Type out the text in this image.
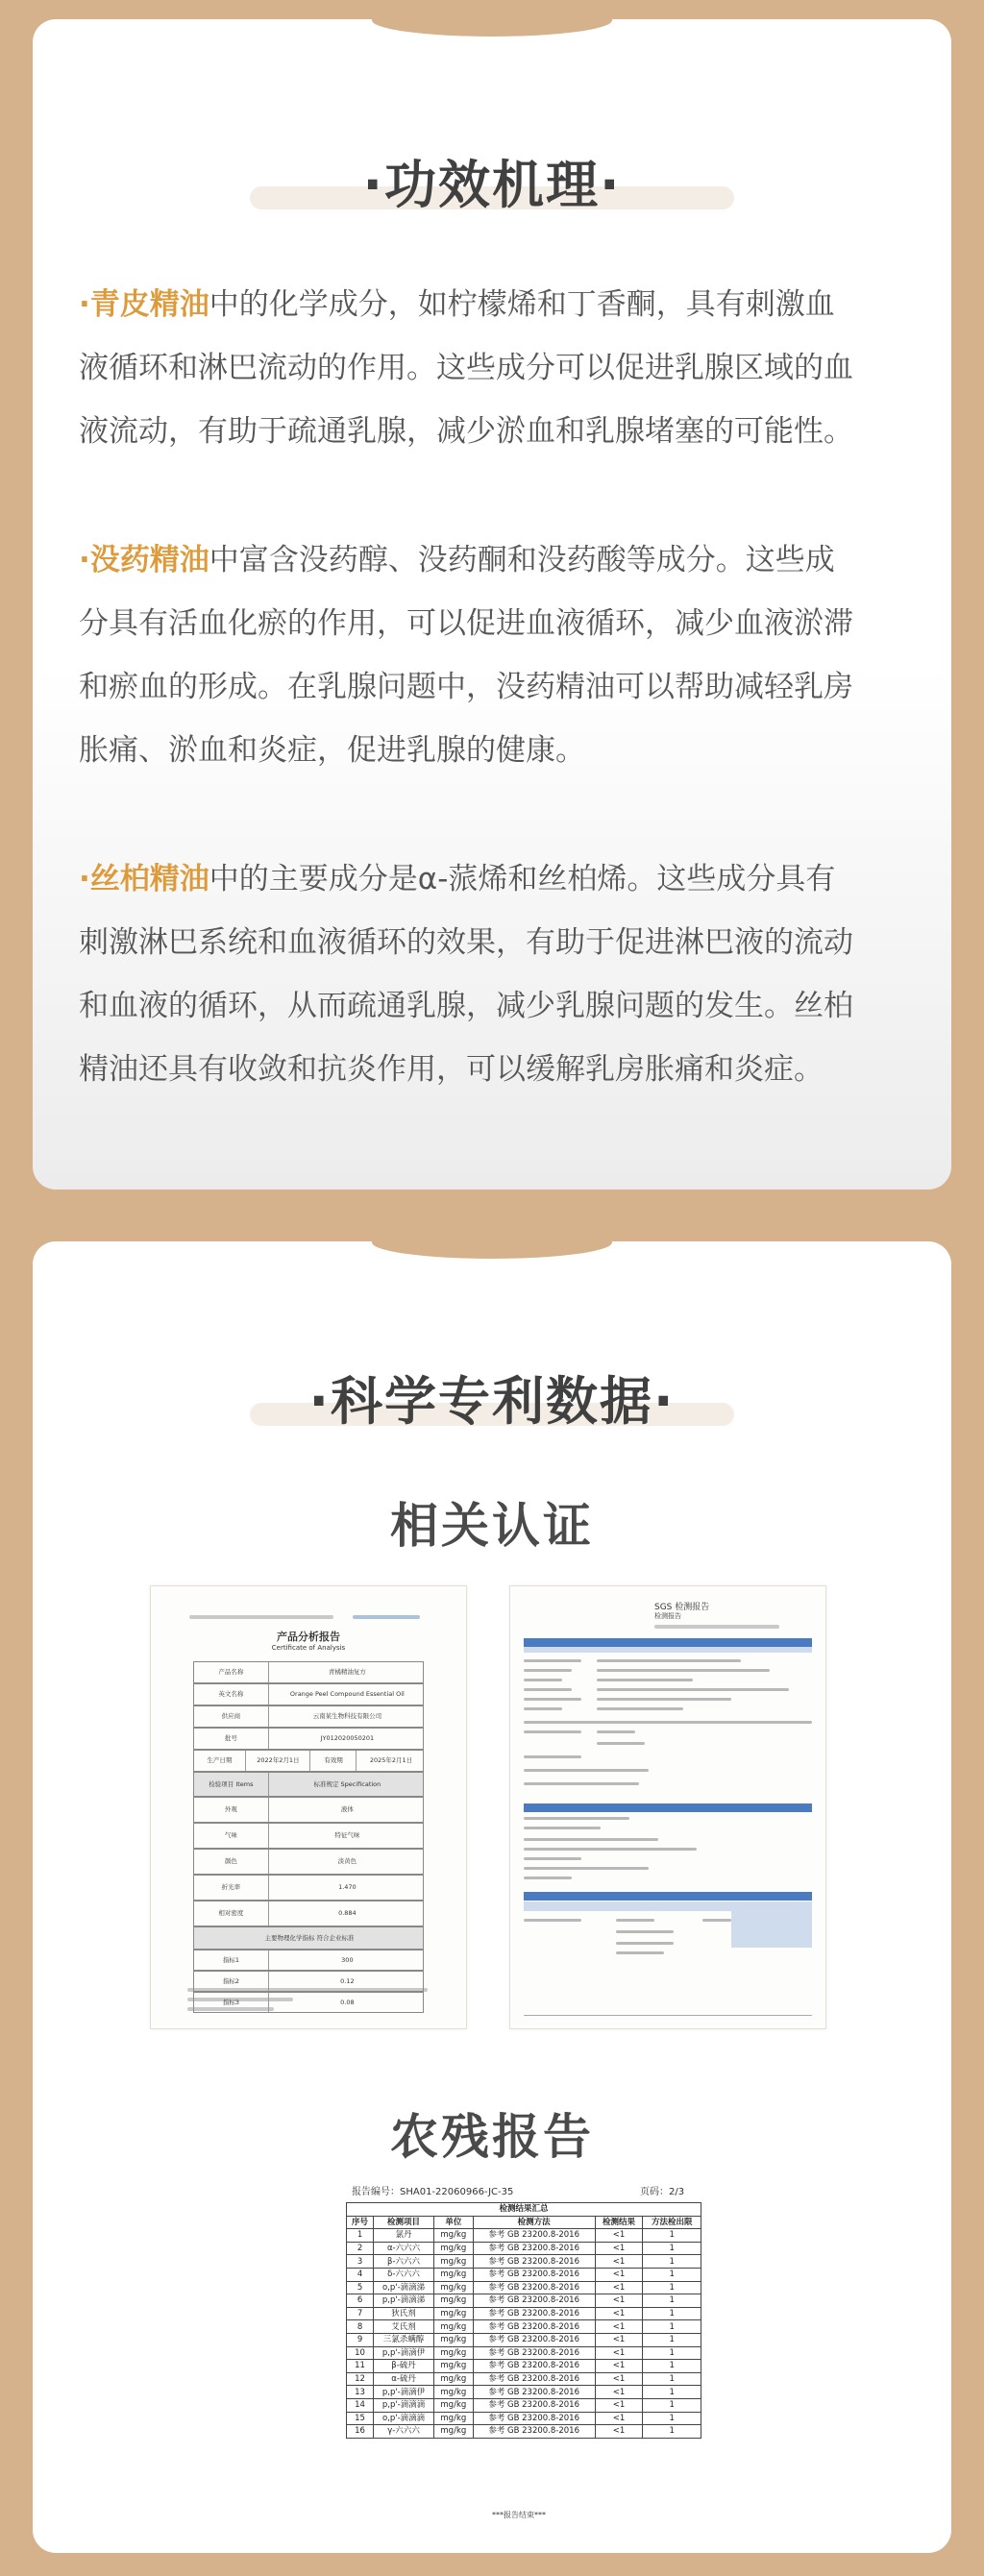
·功效机理·
·青皮精油中的化学成分，如柠檬烯和丁香酮，具有刺激血
液循环和淋巴流动的作用。这些成分可以促进乳腺区域的血
液流动，有助于疏通乳腺，减少淤血和乳腺堵塞的可能性。
·没药精油中富含没药醇、没药酮和没药酸等成分。这些成
分具有活血化瘀的作用，可以促进血液循环，减少血液淤滞
和瘀血的形成。在乳腺问题中，没药精油可以帮助减轻乳房
胀痛、淤血和炎症，促进乳腺的健康。
·丝柏精油中的主要成分是α-蒎烯和丝柏烯。这些成分具有
刺激淋巴系统和血液循环的效果，有助于促进淋巴液的流动
和血液的循环，从而疏通乳腺，减少乳腺问题的发生。丝柏
精油还具有收敛和抗炎作用，可以缓解乳房胀痛和炎症。
·科学专利数据·
相关认证
产品分析报告
Certificate of Analysis
产品名称	青橘精油复方
英文名称	Orange Peel Compound Essential Oil
供应商	云南某生物科技有限公司
批号	JY012020050201
生产日期	2022年2月1日	有效期	2025年2月1日
检验项目 Items	标准规定 Specification
外观	液体
气味	特征气味
颜色	淡黄色
折光率	1.470
相对密度	0.884
主要物理化学指标 符合企业标准
指标1	300
指标2	0.12
指标3	0.08
SGS 检测报告
检测报告
农残报告
报告编号：SHA01-22060966-JC-35	页码：2/3
检测结果汇总					
序号	检测项目	单位	检测方法	检测结果	方法检出限
1	氯丹	mg/kg	参考 GB 23200.8-2016	<1	1
2	α-六六六	mg/kg	参考 GB 23200.8-2016	<1	1
3	β-六六六	mg/kg	参考 GB 23200.8-2016	<1	1
4	δ-六六六	mg/kg	参考 GB 23200.8-2016	<1	1
5	o,p'-滴滴涕	mg/kg	参考 GB 23200.8-2016	<1	1
6	p,p'-滴滴涕	mg/kg	参考 GB 23200.8-2016	<1	1
7	狄氏剂	mg/kg	参考 GB 23200.8-2016	<1	1
8	艾氏剂	mg/kg	参考 GB 23200.8-2016	<1	1
9	三氯杀螨醇	mg/kg	参考 GB 23200.8-2016	<1	1
10	p,p'-滴滴伊	mg/kg	参考 GB 23200.8-2016	<1	1
11	β-硫丹	mg/kg	参考 GB 23200.8-2016	<1	1
12	α-硫丹	mg/kg	参考 GB 23200.8-2016	<1	1
13	p,p'-滴滴伊	mg/kg	参考 GB 23200.8-2016	<1	1
14	p,p'-滴滴滴	mg/kg	参考 GB 23200.8-2016	<1	1
15	o,p'-滴滴滴	mg/kg	参考 GB 23200.8-2016	<1	1
16	γ-六六六	mg/kg	参考 GB 23200.8-2016	<1	1
***报告结束***
